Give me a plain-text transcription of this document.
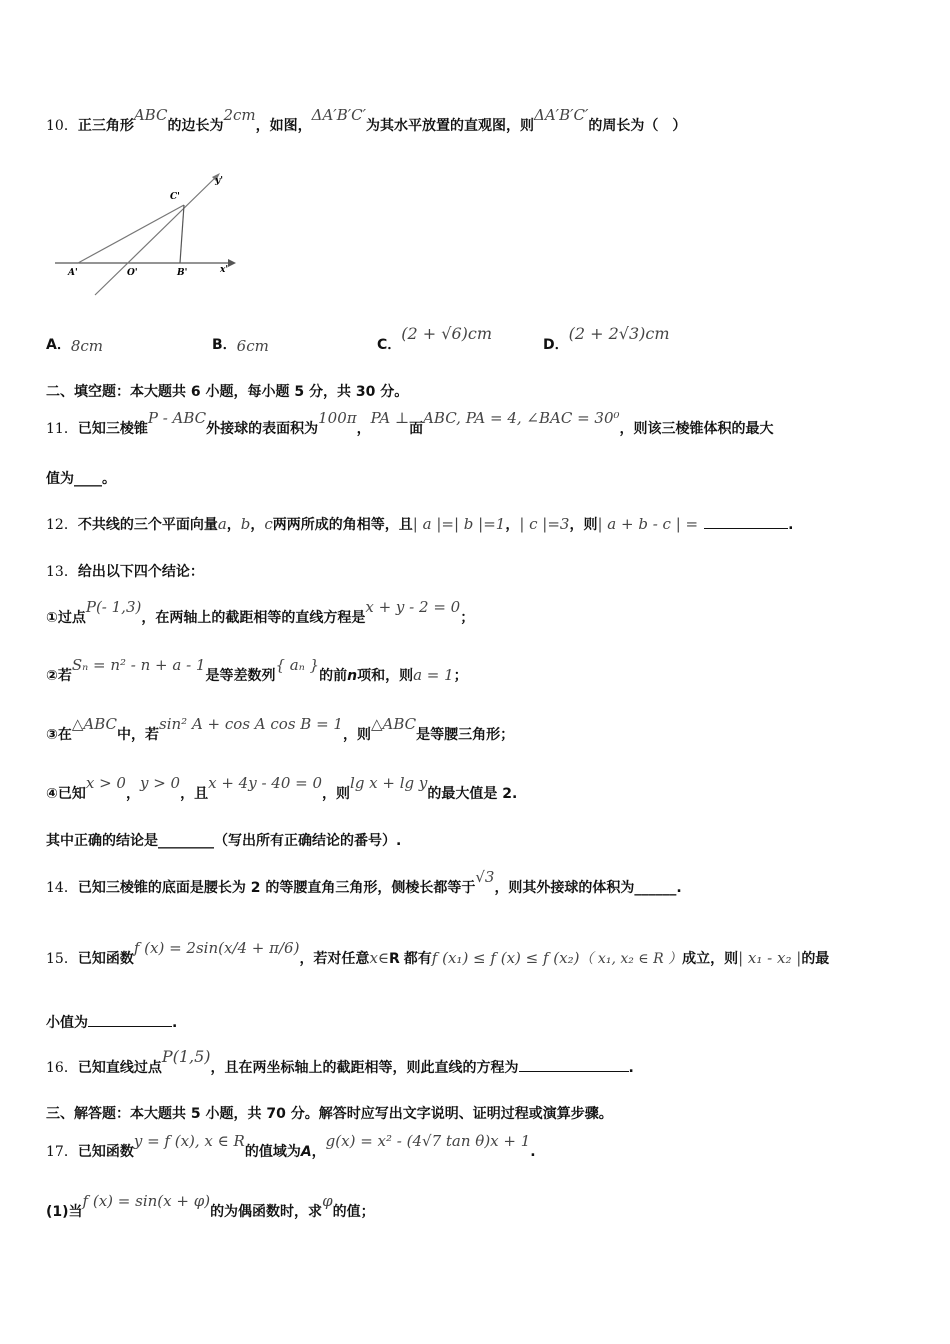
10．正三角形ABC的边长为2cm，如图，ΔA′B′C′为其水平放置的直观图，则ΔA′B′C′的周长为（　）
A'	O'	B'
C'
x'
y'
A．8cm	B．6cm	C．(2 + √6)cm
D．(2 + 2√3)cm
二、填空题：本大题共 6 小题，每小题 5 分，共 30 分。
11．已知三棱锥P - ABC外接球的表面积为100π，PA ⊥面ABC, PA = 4, ∠BAC = 30⁰，则该三棱锥体积的最大
值为____。
12．不共线的三个平面向量a，b，c两两所成的角相等，且| a |=| b |=1，| c |=3，则| a + b - c | =	.
13．给出以下四个结论：
①过点P(- 1,3)，在两轴上的截距相等的直线方程是x + y - 2 = 0；
②若Sₙ = n² - n + a - 1是等差数列{ aₙ }的前n项和，则a = 1；
③在△ABC中，若sin² A + cos A cos B = 1，则△ABC是等腰三角形；
④已知x > 0，y > 0，且x + 4y - 40 = 0，则lg x + lg y的最大值是 2.
其中正确的结论是________（写出所有正确结论的番号）.
14．已知三棱锥的底面是腰长为 2 的等腰直角三角形，侧棱长都等于√3，则其外接球的体积为______.
15．已知函数f (x) = 2sin(x/4 + π/6)，若对任意x∈R 都有f (x₁) ≤ f (x) ≤ f (x₂)（ x₁, x₂ ∈ R ）成立，则| x₁ - x₂ |的最
小值为	.
16．已知直线过点P(1,5)，且在两坐标轴上的截距相等，则此直线的方程为	.
三、解答题：本大题共 5 小题，共 70 分。解答时应写出文字说明、证明过程或演算步骤。
17．已知函数y = f (x), x ∈ R的值域为A，g(x) = x² - (4√7 tan θ)x + 1.
(1)当f (x) = sin(x + φ)的为偶函数时，求φ的值；
